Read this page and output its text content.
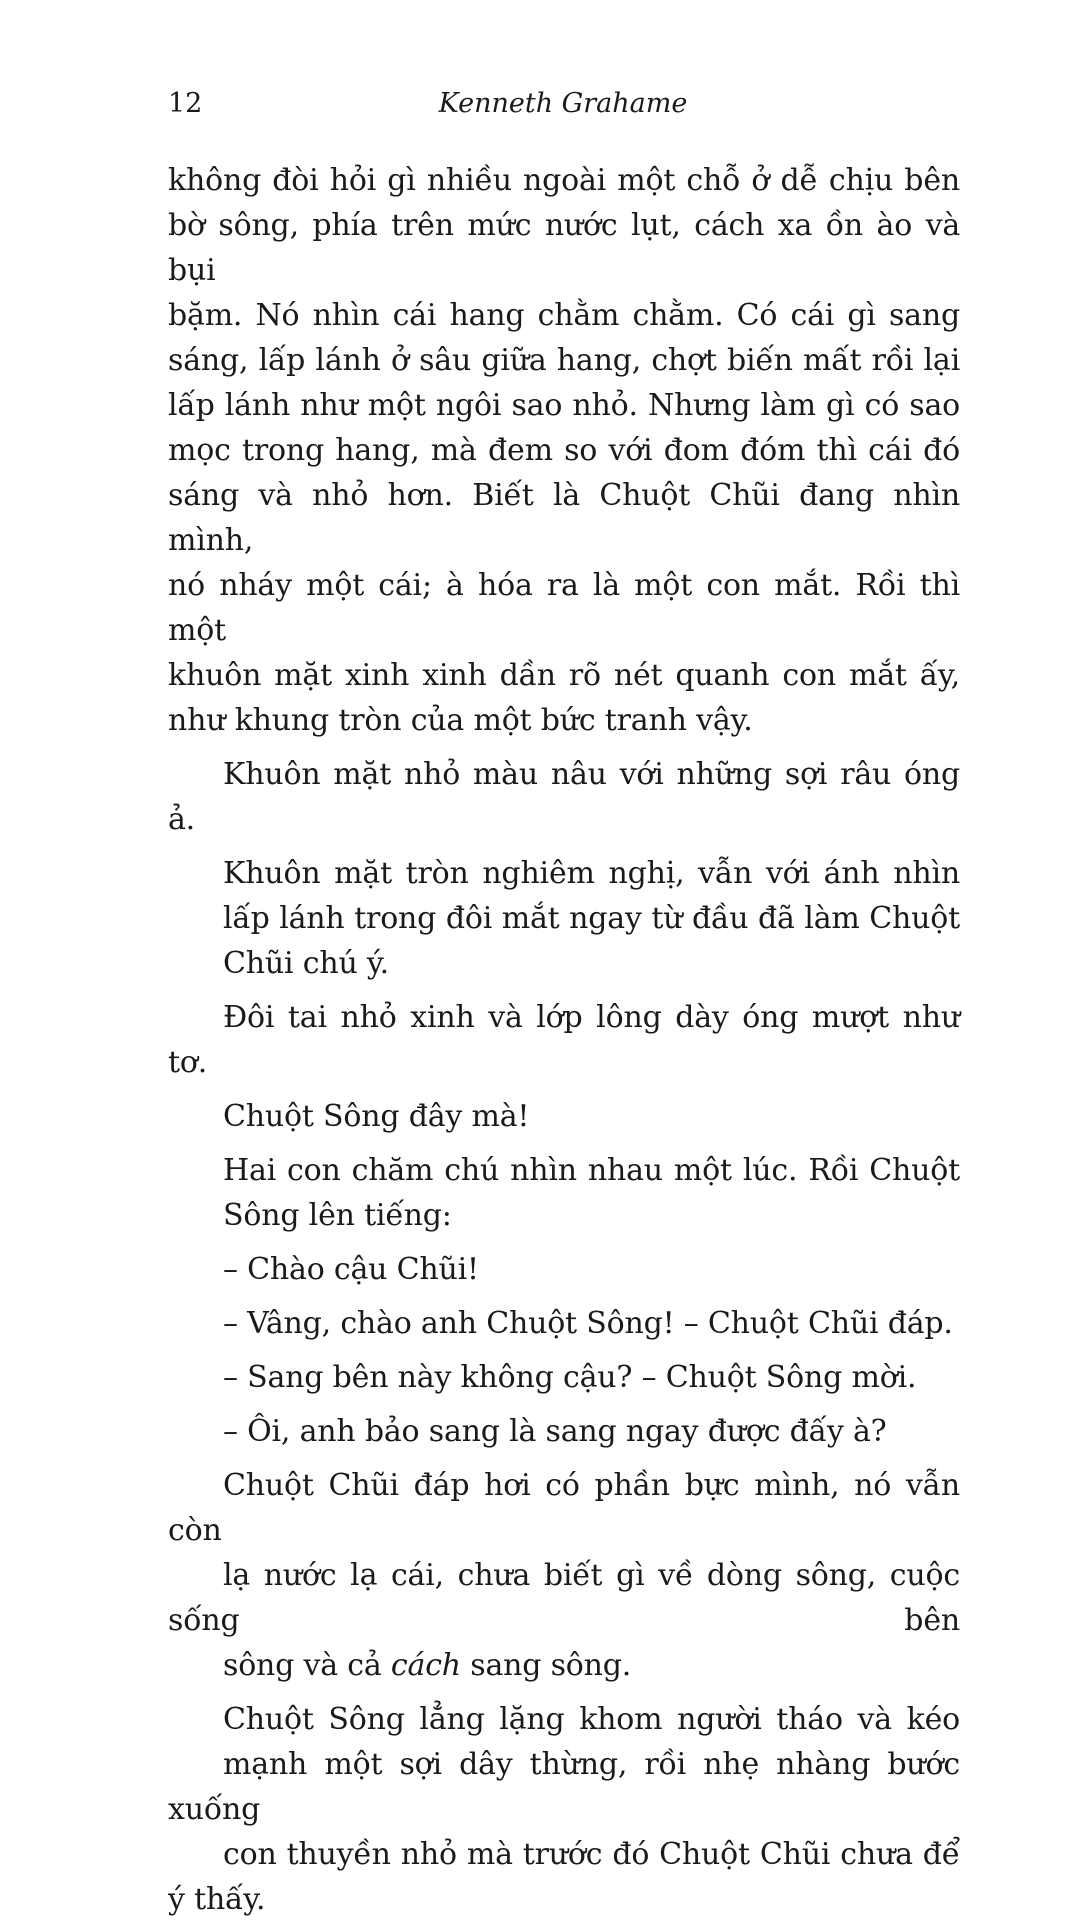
12	Kenneth Grahame

không đòi hỏi gì nhiều ngoài một chỗ ở dễ chịu bên
bờ sông, phía trên mức nước lụt, cách xa ồn ào và bụi
bặm. Nó nhìn cái hang chằm chằm. Có cái gì sang
sáng, lấp lánh ở sâu giữa hang, chợt biến mất rồi lại
lấp lánh như một ngôi sao nhỏ. Nhưng làm gì có sao
mọc trong hang, mà đem so với đom đóm thì cái đó
sáng và nhỏ hơn. Biết là Chuột Chũi đang nhìn mình,
nó nháy một cái; à hóa ra là một con mắt. Rồi thì một
khuôn mặt xinh xinh dần rõ nét quanh con mắt ấy,
như khung tròn của một bức tranh vậy.

Khuôn mặt nhỏ màu nâu với những sợi râu óng ả.

Khuôn mặt tròn nghiêm nghị, vẫn với ánh nhìn
lấp lánh trong đôi mắt ngay từ đầu đã làm Chuột
Chũi chú ý.

Đôi tai nhỏ xinh và lớp lông dày óng mượt như tơ.

Chuột Sông đây mà!

Hai con chăm chú nhìn nhau một lúc. Rồi Chuột
Sông lên tiếng:

– Chào cậu Chũi!

– Vâng, chào anh Chuột Sông! – Chuột Chũi đáp.

– Sang bên này không cậu? – Chuột Sông mời.

– Ôi, anh bảo sang là sang ngay được đấy à?

Chuột Chũi đáp hơi có phần bực mình, nó vẫn còn
lạ nước lạ cái, chưa biết gì về dòng sông, cuộc sống bên
sông và cả cách sang sông.

Chuột Sông lẳng lặng khom người tháo và kéo
mạnh một sợi dây thừng, rồi nhẹ nhàng bước xuống
con thuyền nhỏ mà trước đó Chuột Chũi chưa để ý thấy.
